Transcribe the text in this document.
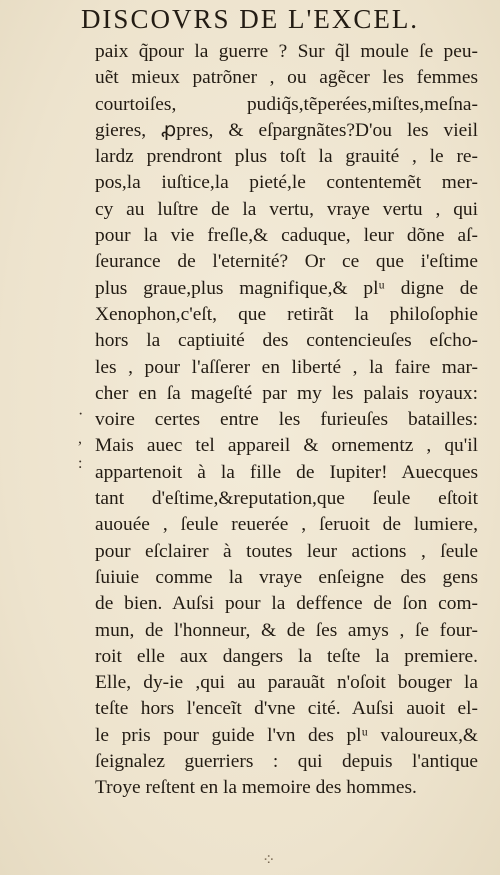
DISCOVRS DE L'EXCEL.
paix q̃pour la guerre ? Sur q̃l moule ſe peu-
uẽt mieux patrõner , ou agẽcer les femmes
courtoiſes, pudiq̃s,tẽperées,miſtes,meſna-
gieres, ꝓpres, & eſpargnãtes?D'ou les vieil
lardz prendront plus toſt la grauité , le re-
pos,la iuſtice,la pieté,le contentemẽt mer-
cy au luſtre de la vertu, vraye vertu , qui
pour la vie freſle,& caduque, leur dõne aſ-
ſeurance de l'eternité? Or ce que i'eſtime
plus graue,plus magnifique,& plᵘ digne de
Xenophon,c'eſt, que retirãt la philoſophie
hors la captiuité des contencieuſes eſcho-
les , pour l'aſſerer en liberté , la faire mar-
cher en ſa mageſté par my les palais royaux:
voire certes entre les furieuſes batailles:
Mais auec tel appareil & ornementz , qu'il
appartenoit à la fille de Iupiter! Auecques
tant d'eſtime,&reputation,que ſeule eſtoit
auouée , ſeule reuerée , ſeruoit de lumiere,
pour eſclairer à toutes leur actions , ſeule
ſuiuie comme la vraye enſeigne des gens
de bien. Auſsi pour la deffence de ſon com-
mun, de l'honneur, & de ſes amys , ſe four-
roit elle aux dangers la teſte la premiere.
Elle, dy-ie ,qui au parauãt n'oſoit bouger la
teſte hors l'enceĩt d'vne cité. Auſsi auoit el-
le pris pour guide l'vn des plᵘ valoureux,&
ſeignalez guerriers : qui depuis l'antique
Troye reſtent en la memoire des hommes.
·
,
:
⁘
